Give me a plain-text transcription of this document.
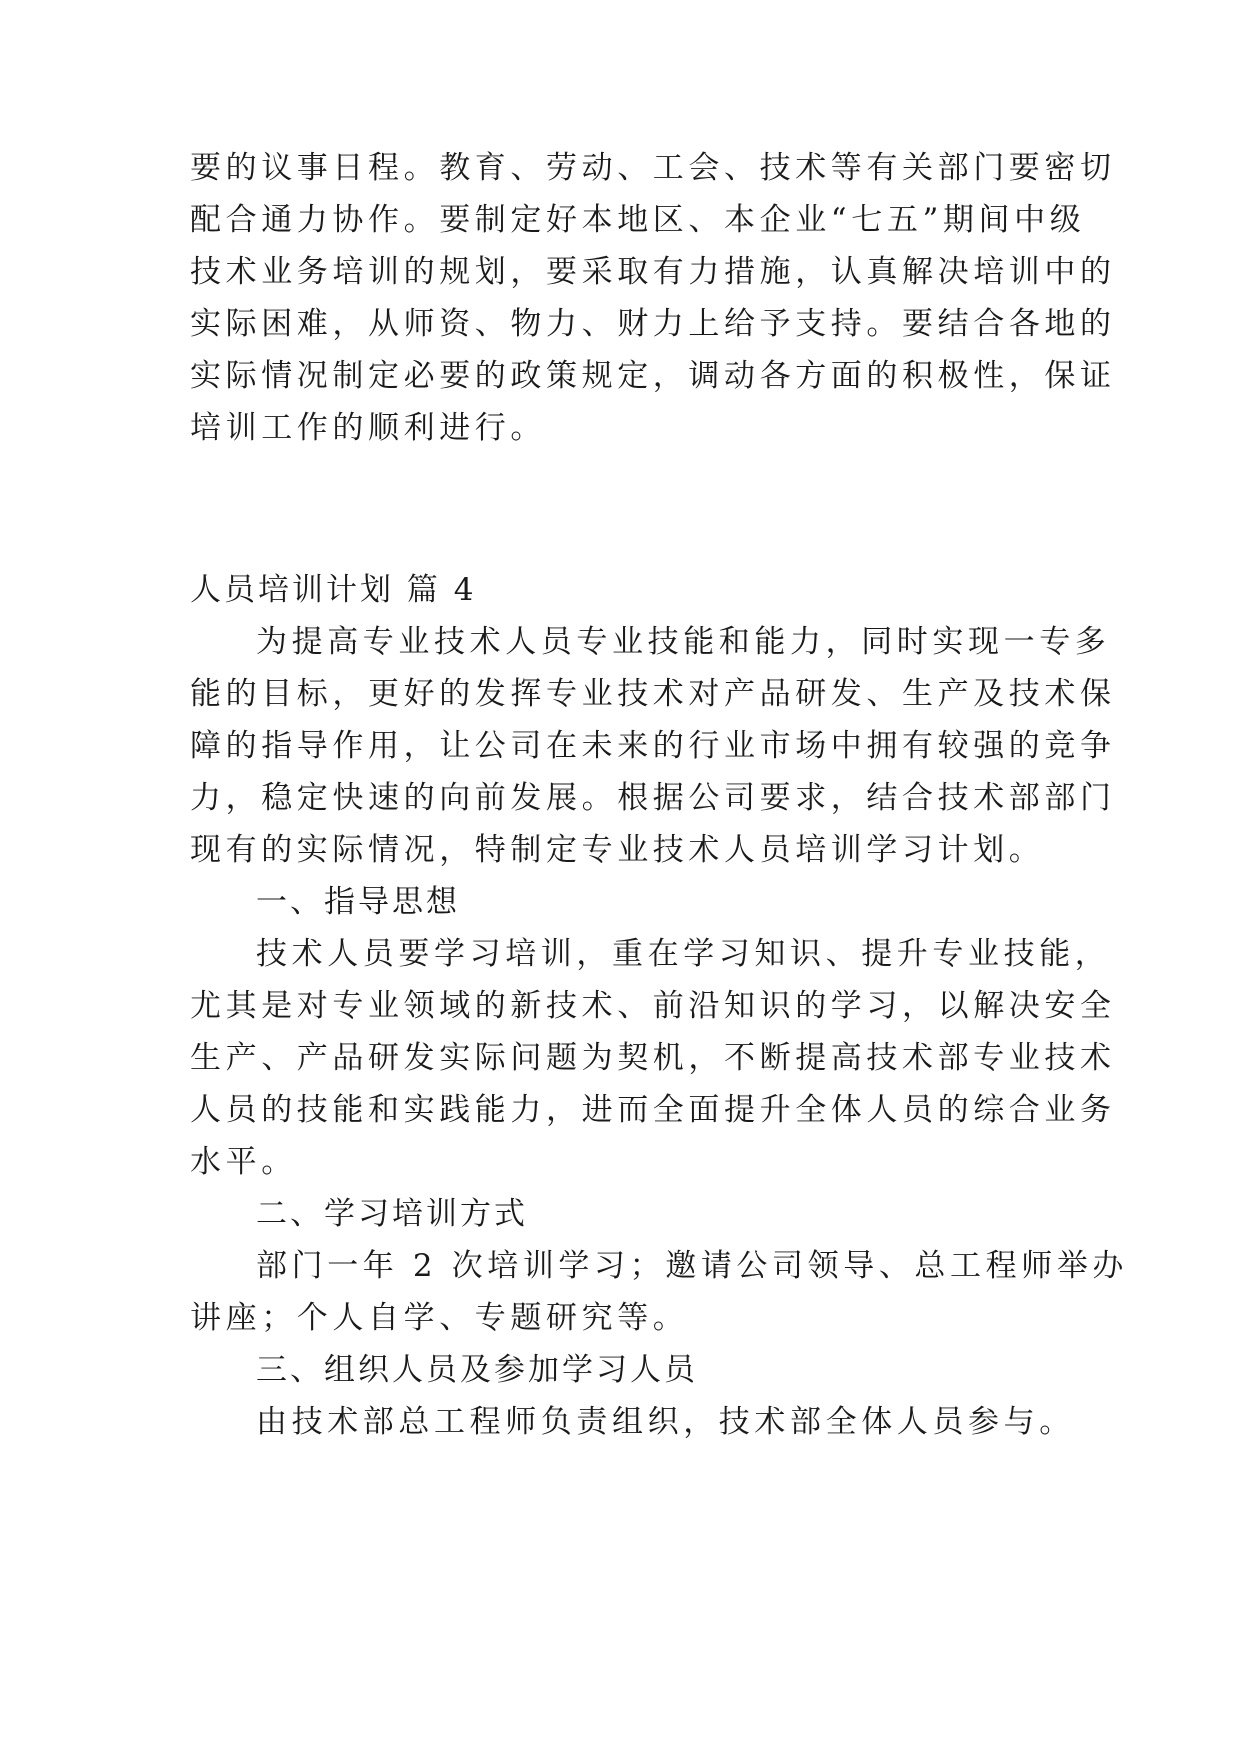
要的议事日程。教育、劳动、工会、技术等有关部门要密切
配合通力协作。要制定好本地区、本企业“七五”期间中级
技术业务培训的规划，要采取有力措施，认真解决培训中的
实际困难，从师资、物力、财力上给予支持。要结合各地的
实际情况制定必要的政策规定，调动各方面的积极性，保证
培训工作的顺利进行。
人员培训计划 篇 4
为提高专业技术人员专业技能和能力，同时实现一专多
能的目标，更好的发挥专业技术对产品研发、生产及技术保
障的指导作用，让公司在未来的行业市场中拥有较强的竞争
力，稳定快速的向前发展。根据公司要求，结合技术部部门
现有的实际情况，特制定专业技术人员培训学习计划。
一、指导思想
技术人员要学习培训，重在学习知识、提升专业技能，
尤其是对专业领域的新技术、前沿知识的学习，以解决安全
生产、产品研发实际问题为契机，不断提高技术部专业技术
人员的技能和实践能力，进而全面提升全体人员的综合业务
水平。
二、学习培训方式
部门一年 2 次培训学习；邀请公司领导、总工程师举办
讲座；个人自学、专题研究等。
三、组织人员及参加学习人员
由技术部总工程师负责组织，技术部全体人员参与。
